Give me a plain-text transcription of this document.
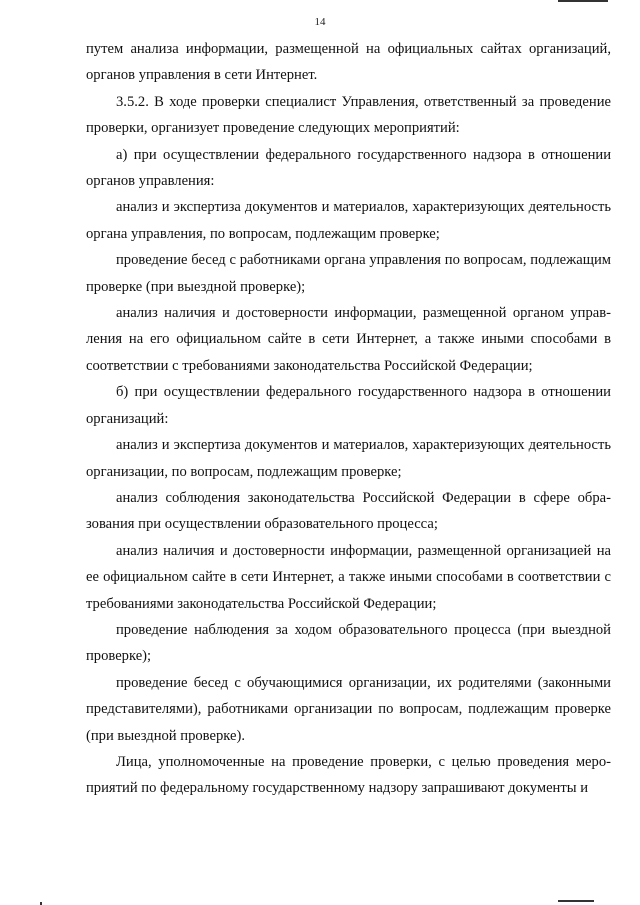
14

путем анализа информации, размещенной на официальных сайтах организаций, органов управления в сети Интернет.

3.5.2. В ходе проверки специалист Управления, ответственный за проведение проверки, организует проведение следующих мероприятий:

а) при осуществлении федерального государственного надзора в отношении органов управления:

анализ и экспертиза документов и материалов, характеризующих деятельность органа управления, по вопросам, подлежащим проверке;

проведение бесед с работниками органа управления по вопросам, подлежащим проверке (при выездной проверке);

анализ наличия и достоверности информации, размещенной органом управления на его официальном сайте в сети Интернет, а также иными способами в соответствии с требованиями законодательства Российской Федерации;

б) при осуществлении федерального государственного надзора в отношении организаций:

анализ и экспертиза документов и материалов, характеризующих деятельность организации, по вопросам, подлежащим проверке;

анализ соблюдения законодательства Российской Федерации в сфере образования при осуществлении образовательного процесса;

анализ наличия и достоверности информации, размещенной организацией на ее официальном сайте в сети Интернет, а также иными способами в соответствии с требованиями законодательства Российской Федерации;

проведение наблюдения за ходом образовательного процесса (при выездной проверке);

проведение бесед с обучающимися организации, их родителями (законными представителями), работниками организации по вопросам, подлежащим проверке (при выездной проверке).

Лица, уполномоченные на проведение проверки, с целью проведения мероприятий по федеральному государственному надзору запрашивают документы и
